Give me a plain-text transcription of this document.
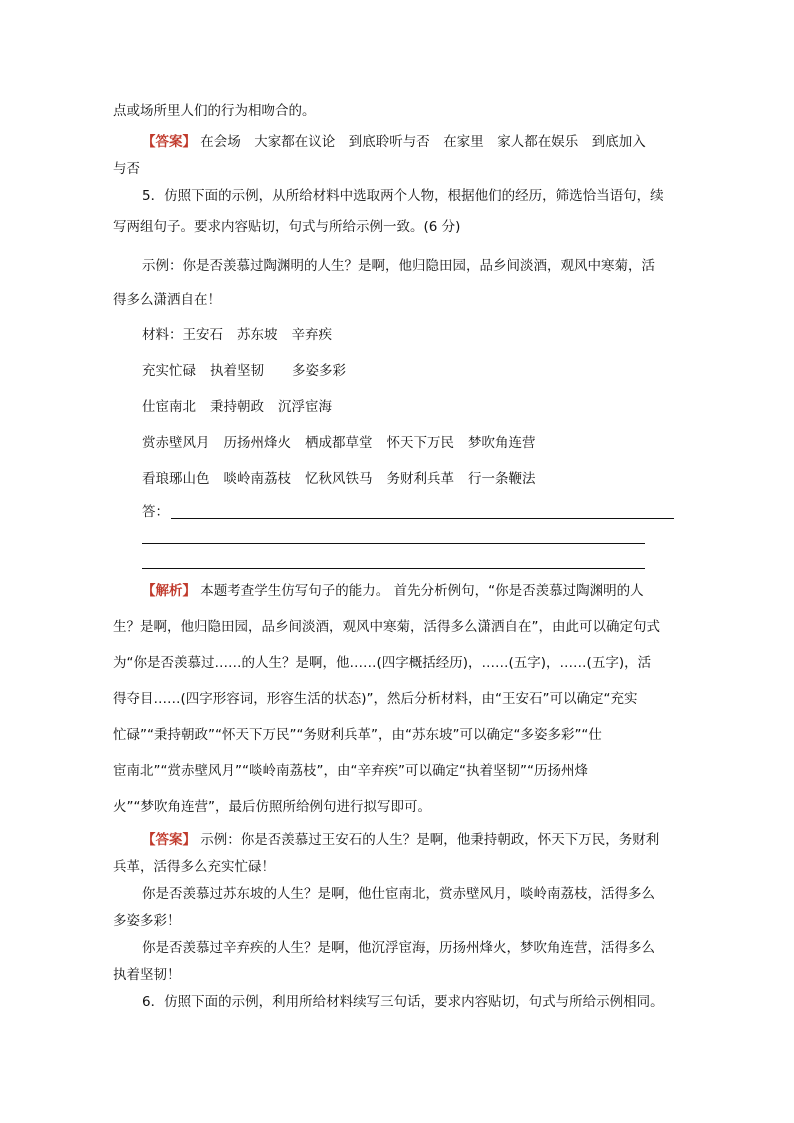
点或场所里人们的行为相吻合的。
【答案】 在会场　大家都在议论　到底聆听与否　在家里　家人都在娱乐　到底加入
与否
5．仿照下面的示例，从所给材料中选取两个人物，根据他们的经历，筛选恰当语句，续
写两组句子。要求内容贴切，句式与所给示例一致。(6 分)
示例：你是否羡慕过陶渊明的人生？是啊，他归隐田园，品乡间淡酒，观风中寒菊，活
得多么潇洒自在！
材料：王安石 苏东坡 辛弃疾
充实忙碌 执着坚韧 多姿多彩
仕宦南北 秉持朝政 沉浮宦海
赏赤壁风月 历扬州烽火 栖成都草堂 怀天下万民 梦吹角连营
看琅琊山色 啖岭南荔枝 忆秋风铁马 务财利兵革 行一条鞭法
答：
【解析】 本题考查学生仿写句子的能力。 首先分析例句，“你是否羡慕过陶渊明的人
生？是啊，他归隐田园，品乡间淡酒，观风中寒菊，活得多么潇洒自在”，由此可以确定句式
为“你是否羡慕过……的人生？是啊，他……(四字概括经历)，……(五字)，……(五字)，活
得夺目……(四字形容词，形容生活的状态)”，然后分析材料，由“王安石”可以确定“充实
忙碌”“秉持朝政”“怀天下万民”“务财利兵革”，由“苏东坡”可以确定“多姿多彩”“仕
宦南北”“赏赤壁风月”“啖岭南荔枝”，由“辛弃疾”可以确定“执着坚韧”“历扬州烽
火”“梦吹角连营”，最后仿照所给例句进行拟写即可。
【答案】 示例：你是否羡慕过王安石的人生？是啊，他秉持朝政，怀天下万民，务财利
兵革，活得多么充实忙碌！
你是否羡慕过苏东坡的人生？是啊，他仕宦南北，赏赤壁风月，啖岭南荔枝，活得多么
多姿多彩！
你是否羡慕过辛弃疾的人生？是啊，他沉浮宦海，历扬州烽火，梦吹角连营，活得多么
执着坚韧！
6．仿照下面的示例，利用所给材料续写三句话，要求内容贴切，句式与所给示例相同。
